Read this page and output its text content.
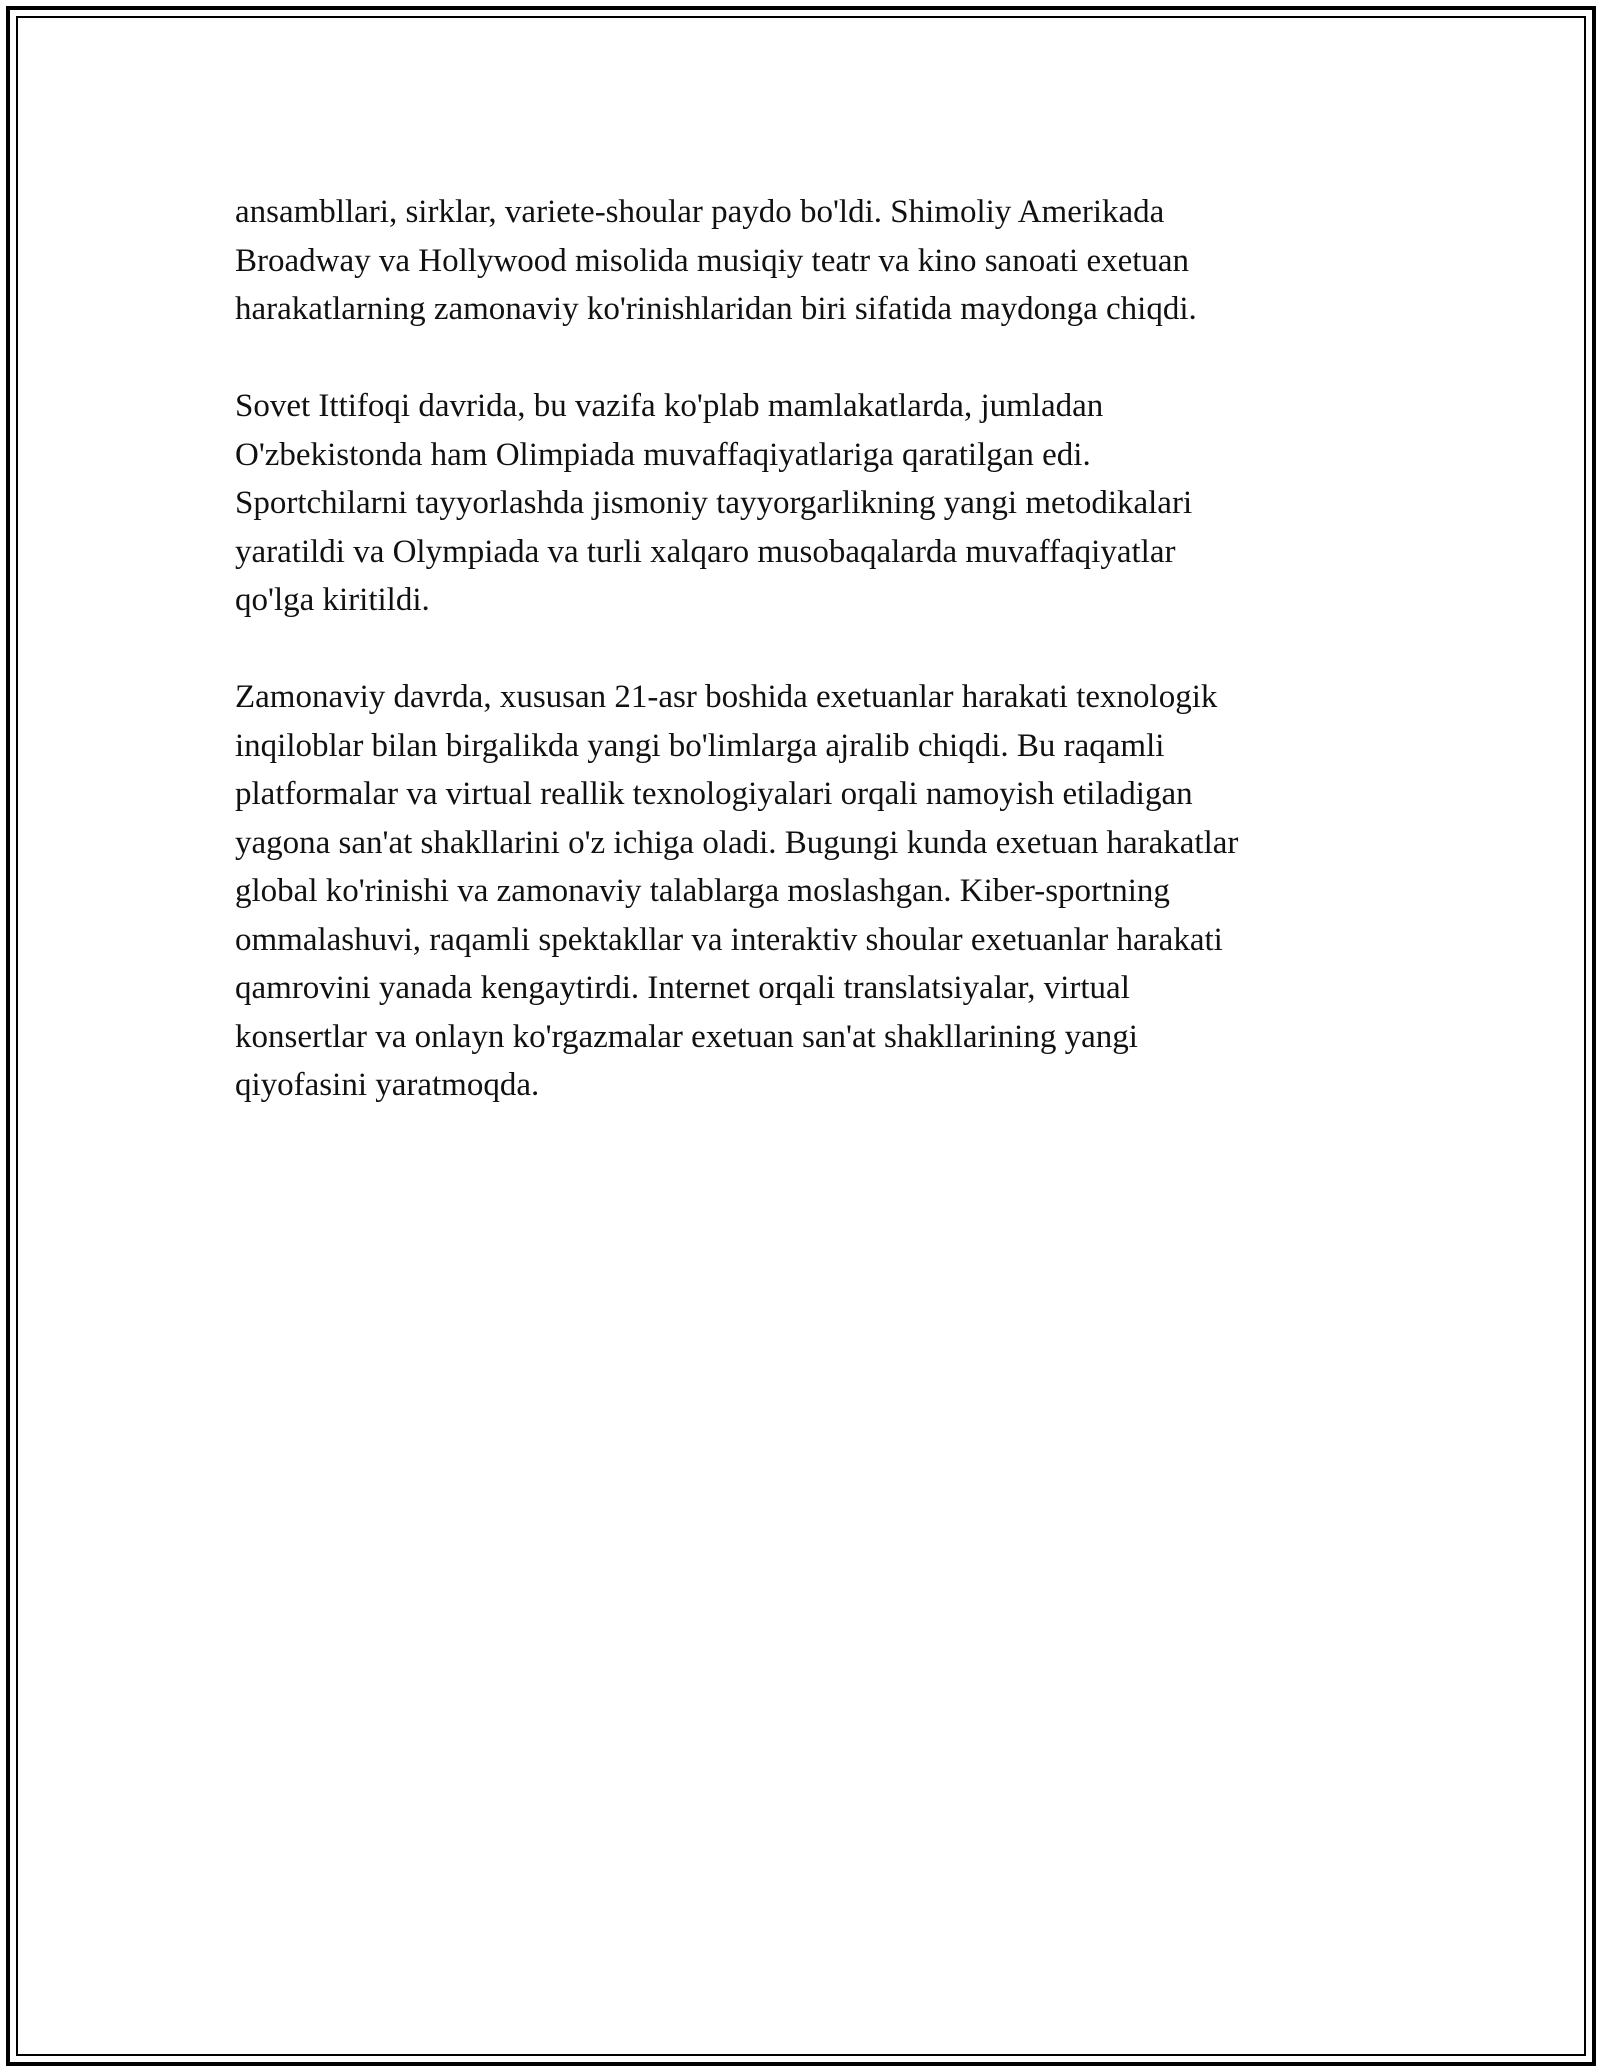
ansambllari, sirklar, variete-shoular paydo bo'ldi. Shimoliy Amerikada
Broadway va Hollywood misolida musiqiy teatr va kino sanoati exetuan
harakatlarning zamonaviy ko'rinishlaridan biri sifatida maydonga chiqdi.

Sovet Ittifoqi davrida, bu vazifa ko'plab mamlakatlarda, jumladan
O'zbekistonda ham Olimpiada muvaffaqiyatlariga qaratilgan edi.
Sportchilarni tayyorlashda jismoniy tayyorgarlikning yangi metodikalari
yaratildi va Olympiada va turli xalqaro musobaqalarda muvaffaqiyatlar
qo'lga kiritildi.

Zamonaviy davrda, xususan 21-asr boshida exetuanlar harakati texnologik
inqiloblar bilan birgalikda yangi bo'limlarga ajralib chiqdi. Bu raqamli
platformalar va virtual reallik texnologiyalari orqali namoyish etiladigan
yagona san'at shakllarini o'z ichiga oladi. Bugungi kunda exetuan harakatlar
global ko'rinishi va zamonaviy talablarga moslashgan. Kiber-sportning
ommalashuvi, raqamli spektakllar va interaktiv shoular exetuanlar harakati
qamrovini yanada kengaytirdi. Internet orqali translatsiyalar, virtual
konsertlar va onlayn ko'rgazmalar exetuan san'at shakllarining yangi
qiyofasini yaratmoqda.
